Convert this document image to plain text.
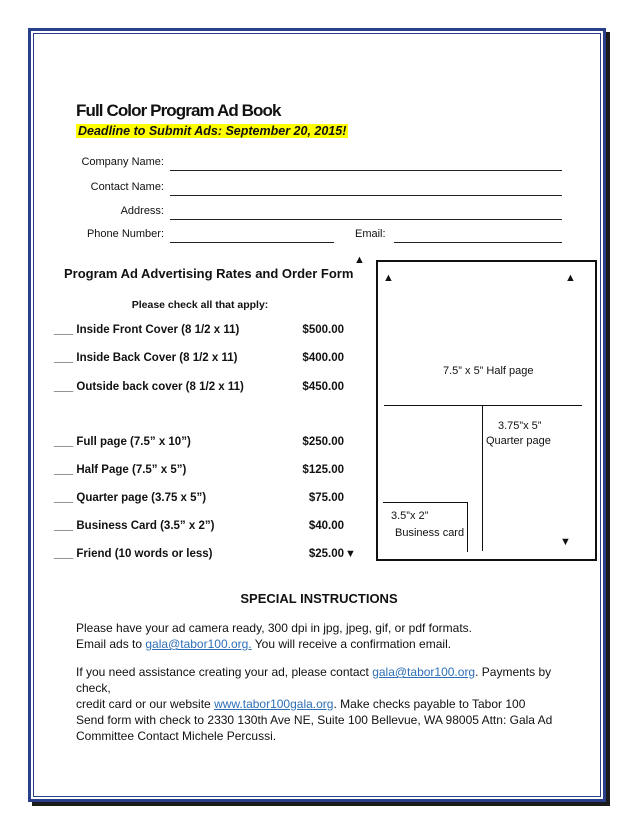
Full Color Program Ad Book
Deadline to Submit Ads: September 20, 2015!
Company Name:
Contact Name:
Address:
Phone Number:	Email:
Program Ad Advertising Rates and Order Form
▲
Please check all that apply:
___ Inside Front Cover (8 1/2 x 11)	$500.00
___ Inside Back Cover (8 1/2 x 11)	$400.00
___ Outside back cover (8 1/2 x 11)	$450.00
___ Full page (7.5” x 10”)	$250.00
___ Half Page (7.5” x 5”)	$125.00
___ Quarter page (3.75 x 5”)	$75.00
___ Business Card (3.5” x 2”)	$40.00
___ Friend (10 words or less)	$25.00 ▼
▲	▲
7.5” x 5” Half page
3.75”x 5”
Quarter page
3.5”x 2”
Business card
▼
SPECIAL INSTRUCTIONS
Please have your ad camera ready, 300 dpi in jpg, jpeg, gif, or pdf formats.
Email ads to gala@tabor100.org. You will receive a confirmation email.
If you need assistance creating your ad, please contact gala@tabor100.org. Payments by check,
credit card or our website www.tabor100gala.org. Make checks payable to Tabor 100
Send form with check to 2330 130th Ave NE, Suite 100 Bellevue, WA 98005 Attn: Gala Ad
Committee Contact Michele Percussi.
